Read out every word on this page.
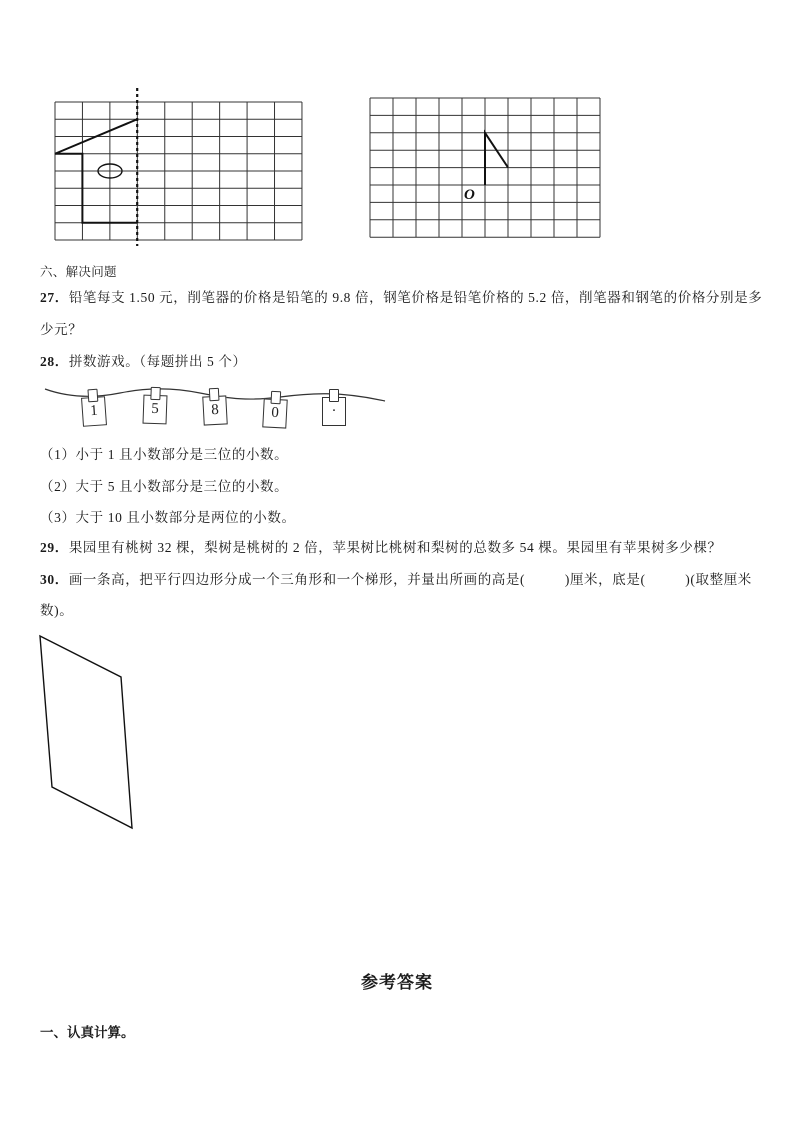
O
六、解决问题
27．铅笔每支 1.50 元，削笔器的价格是铅笔的 9.8 倍，钢笔价格是铅笔价格的 5.2 倍，削笔器和钢笔的价格分别是多
少元？
28．拼数游戏。（每题拼出 5 个）
1	5	8	0	·
（1）小于 1 且小数部分是三位的小数。
（2）大于 5 且小数部分是三位的小数。
（3）大于 10 且小数部分是两位的小数。
29．果园里有桃树 32 棵，梨树是桃树的 2 倍，苹果树比桃树和梨树的总数多 54 棵。果园里有苹果树多少棵？
30．画一条高，把平行四边形分成一个三角形和一个梯形，并量出所画的高是(          )厘米，底是(          )(取整厘米
数)。
参考答案
一、认真计算。
